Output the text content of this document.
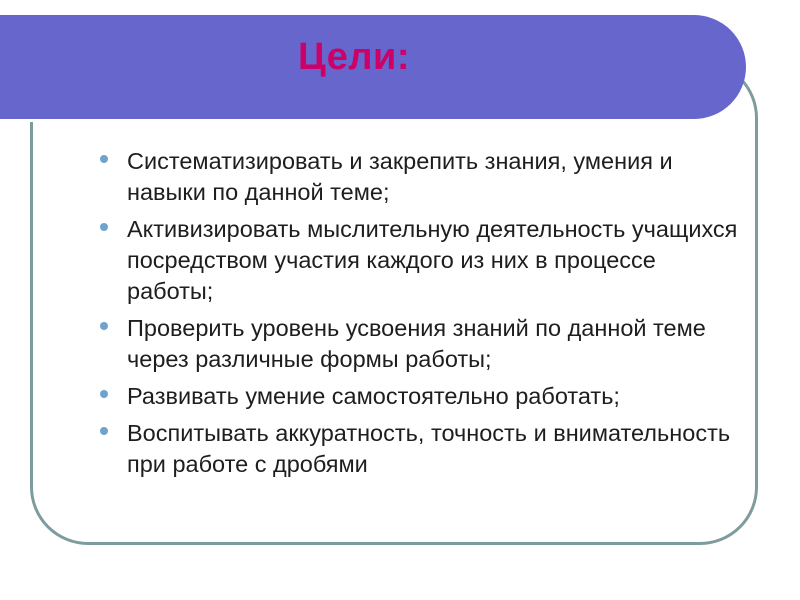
Цели:
Систематизировать и закрепить знания, умения и навыки по данной теме;
Активизировать мыслительную деятельность учащихся посредством участия каждого из них в процессе работы;
Проверить уровень усвоения знаний по данной теме через различные формы работы;
Развивать умение самостоятельно работать;
Воспитывать аккуратность, точность и внимательность при работе с дробями
